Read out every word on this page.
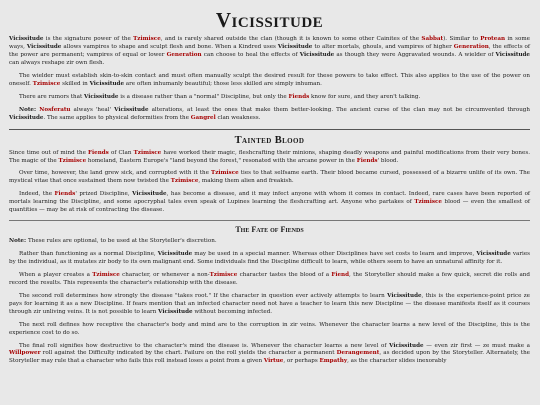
Vicissitude

Vicissitude is the signature power of the Tzimisce, and is rarely shared outside the clan (though it is known to some other Cainites of the Sabbat). Similar to Protean in some ways, Vicissitude allows vampires to shape and sculpt flesh and bone. When a Kindred uses Vicissitude to alter mortals, ghouls, and vampires of higher Generation, the effects of the power are permanent; vampires of equal or lower Generation can choose to heal the effects of Vicissitude as though they were Aggravated wounds. A wielder of Vicissitude can always reshape zir own flesh.

The wielder must establish skin-to-skin contact and must often manually sculpt the desired result for these powers to take effect. This also applies to the use of the power on oneself. Tzimisce skilled in Vicissitude are often inhumanly beautiful; those less skilled are simply inhuman.

There are rumors that Vicissitude is a disease rather than a "normal" Discipline, but only the Fiends know for sure, and they aren't talking.

Note: Nosferatu always 'heal' Vicissitude alterations, at least the ones that make them better-looking. The ancient curse of the clan may not be circumvented through Vicissitude. The same applies to physical deformities from the Gangrel clan weakness.

Tainted Blood

Since time out of mind the Fiends of Clan Tzimisce have worked their magic, fleshcrafting their minions, shaping deadly weapons and painful modifications from their very bones. The magic of the Tzimisce homeland, Eastern Europe's "land beyond the forest," resonated with the arcane power in the Fiends' blood.

Over time, however, the land grew sick, and corrupted with it the Tzimisce ties to that selfsame earth. Their blood became cursed, possessed of a bizarre unlife of its own. The mystical vitae that once sustained them now twisted the Tzimisce, making them alien and freakish.

Indeed, the Fiends' prized Discipline, Vicissitude, has become a disease, and it may infect anyone with whom it comes in contact. Indeed, rare cases have been reported of mortals learning the Discipline, and some apocryphal tales even speak of Lupines learning the fleshcrafting art. Anyone who partakes of Tzimisce blood — even the smallest of quantities — may be at risk of contracting the disease.

The Fate of Fiends

Note: These rules are optional, to be used at the Storyteller's discretion.

Rather than functioning as a normal Discipline, Vicissitude may be used in a special manner. Whereas other Disciplines have set costs to learn and improve, Vicissitude varies by the individual, as it mutates zir body to its own malignant end. Some individuals find the Discipline difficult to learn, while others seem to have an unnatural affinity for it.

When a player creates a Tzimisce character, or whenever a non-Tzimisce character tastes the blood of a Fiend, the Storyteller should make a few quick, secret die rolls and record the results. This represents the character's relationship with the disease.

The second roll determines how strongly the disease "takes root." If the character in question ever actively attempts to learn Vicissitude, this is the experience-point price ze pays for learning it as a new Discipline. If fears mention that an infected character need not have a teacher to learn this new Discipline — the disease manifests itself as it courses through zir unliving veins. It is not possible to learn Vicissitude without becoming infected.

The next roll defines how receptive the character's body and mind are to the corruption in zir veins. Whenever the character learns a new level of the Discipline, this is the experience cost to do so.

The final roll signifies how destructive to the character's mind the disease is. Whenever the character learns a new level of Vicissitude — even zir first — ze must make a Willpower roll against the Difficulty indicated by the chart. Failure on the roll yields the character a permanent Derangement, as decided upon by the Storyteller. Alternately, the Storyteller may rule that a character who fails this roll instead loses a point from a given Virtue, or perhaps Empathy, as the character slides inexorably
